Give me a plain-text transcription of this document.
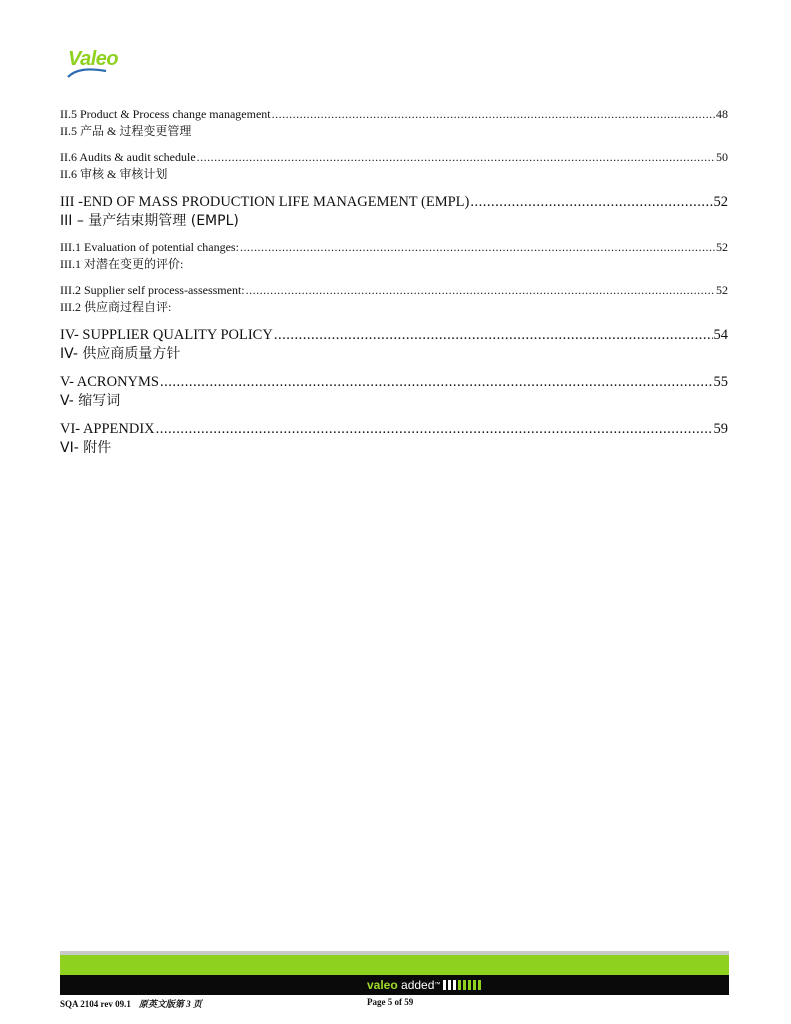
Valeo
II.5 Product & Process change management .....	48
II.5 产品 & 过程变更管理
II.6 Audits & audit schedule .....	50
II.6 审核 & 审核计划
III -END OF MASS PRODUCTION LIFE MANAGEMENT (EMPL) .....	52
III – 量产结束期管理 (EMPL)
III.1 Evaluation of potential changes: .....	52
III.1 对潜在变更的评价:
III.2 Supplier self process-assessment: .....	52
III.2 供应商过程自评:
IV- SUPPLIER QUALITY POLICY .....	54
IV- 供应商质量方针
V- ACRONYMS .....	55
V- 缩写词
VI- APPENDIX .....	59
VI- 附件
valeo
added ™
SQA 2104 rev 09.1 原英文版第 3 页	Page 5 of 59
